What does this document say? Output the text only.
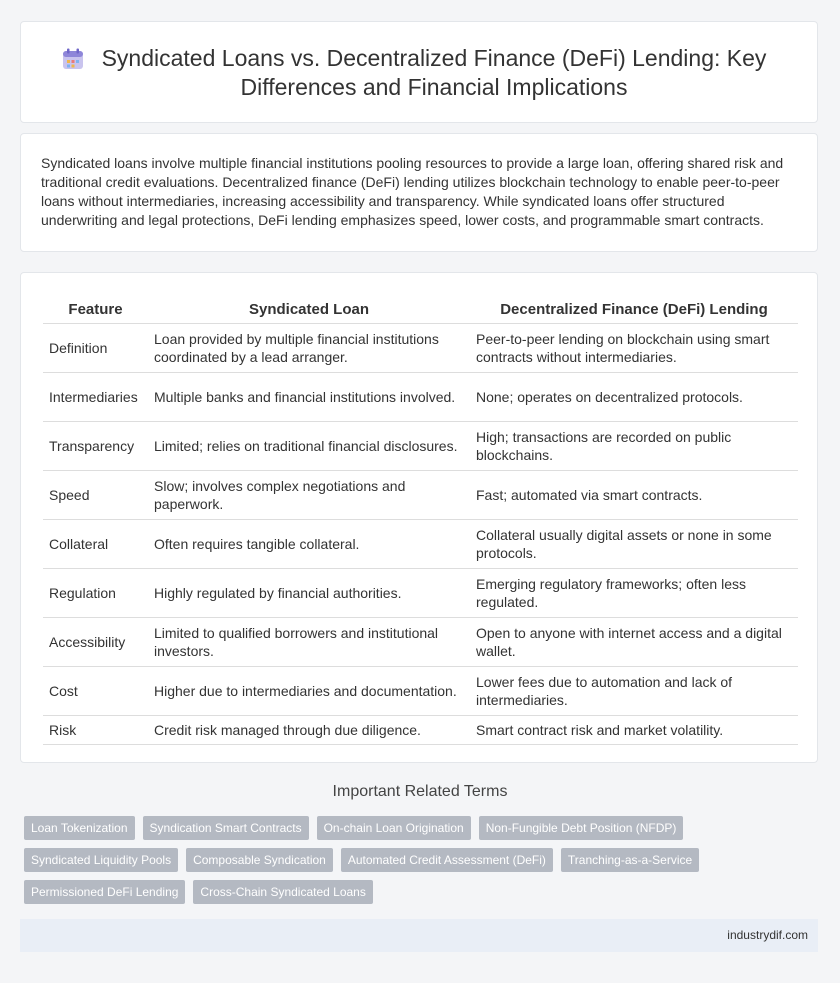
Syndicated Loans vs. Decentralized Finance (DeFi) Lending: Key Differences and Financial Implications

Syndicated loans involve multiple financial institutions pooling resources to provide a large loan, offering shared risk and traditional credit evaluations. Decentralized finance (DeFi) lending utilizes blockchain technology to enable peer-to-peer loans without intermediaries, increasing accessibility and transparency. While syndicated loans offer structured underwriting and legal protections, DeFi lending emphasizes speed, lower costs, and programmable smart contracts.

Feature	Syndicated Loan	Decentralized Finance (DeFi) Lending
Definition	Loan provided by multiple financial institutions coordinated by a lead arranger.	Peer-to-peer lending on blockchain using smart contracts without intermediaries.
Intermediaries	Multiple banks and financial institutions involved.	None; operates on decentralized protocols.
Transparency	Limited; relies on traditional financial disclosures.	High; transactions are recorded on public blockchains.
Speed	Slow; involves complex negotiations and paperwork.	Fast; automated via smart contracts.
Collateral	Often requires tangible collateral.	Collateral usually digital assets or none in some protocols.
Regulation	Highly regulated by financial authorities.	Emerging regulatory frameworks; often less regulated.
Accessibility	Limited to qualified borrowers and institutional investors.	Open to anyone with internet access and a digital wallet.
Cost	Higher due to intermediaries and documentation.	Lower fees due to automation and lack of intermediaries.
Risk	Credit risk managed through due diligence.	Smart contract risk and market volatility.
Important Related Terms
Loan Tokenization	Syndication Smart Contracts	On-chain Loan Origination	Non-Fungible Debt Position (NFDP)
Syndicated Liquidity Pools	Composable Syndication	Automated Credit Assessment (DeFi)	Tranching-as-a-Service
Permissioned DeFi Lending	Cross-Chain Syndicated Loans
industrydif.com
